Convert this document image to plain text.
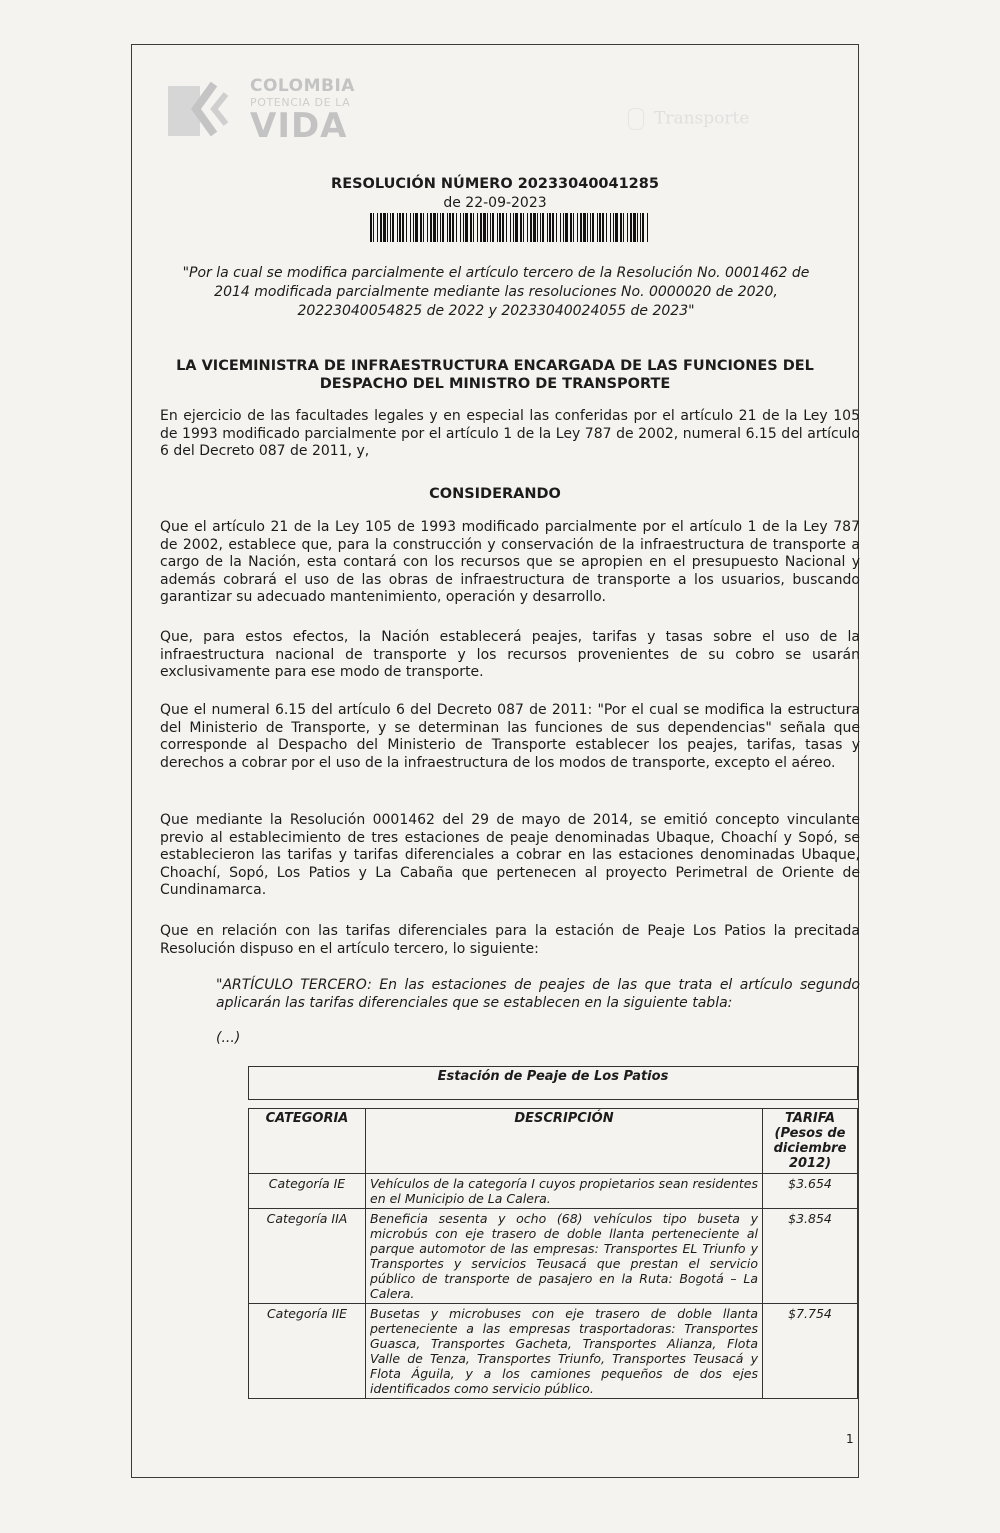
COLOMBIA
POTENCIA DE LA
VIDA	Transporte
RESOLUCIÓN NÚMERO 20233040041285
de 22-09-2023
"Por la cual se modifica parcialmente el artículo tercero de la Resolución No. 0001462 de 2014 modificada parcialmente mediante las resoluciones No. 0000020 de 2020, 20223040054825 de 2022 y 20233040024055 de 2023"
LA VICEMINISTRA DE INFRAESTRUCTURA ENCARGADA DE LAS FUNCIONES DEL DESPACHO DEL MINISTRO DE TRANSPORTE
En ejercicio de las facultades legales y en especial las conferidas por el artículo 21 de la Ley 105 de 1993 modificado parcialmente por el artículo 1 de la Ley 787 de 2002, numeral 6.15 del artículo 6 del Decreto 087 de 2011, y,
CONSIDERANDO
Que el artículo 21 de la Ley 105 de 1993 modificado parcialmente por el artículo 1 de la Ley 787 de 2002, establece que, para la construcción y conservación de la infraestructura de transporte a cargo de la Nación, esta contará con los recursos que se apropien en el presupuesto Nacional y además cobrará el uso de las obras de infraestructura de transporte a los usuarios, buscando garantizar su adecuado mantenimiento, operación y desarrollo.
Que, para estos efectos, la Nación establecerá peajes, tarifas y tasas sobre el uso de la infraestructura nacional de transporte y los recursos provenientes de su cobro se usarán exclusivamente para ese modo de transporte.
Que el numeral 6.15 del artículo 6 del Decreto 087 de 2011: "Por el cual se modifica la estructura del Ministerio de Transporte, y se determinan las funciones de sus dependencias" señala que corresponde al Despacho del Ministerio de Transporte establecer los peajes, tarifas, tasas y derechos a cobrar por el uso de la infraestructura de los modos de transporte, excepto el aéreo.
Que mediante la Resolución 0001462 del 29 de mayo de 2014, se emitió concepto vinculante previo al establecimiento de tres estaciones de peaje denominadas Ubaque, Choachí y Sopó, se establecieron las tarifas y tarifas diferenciales a cobrar en las estaciones denominadas Ubaque, Choachí, Sopó, Los Patios y La Cabaña que pertenecen al proyecto Perimetral de Oriente de Cundinamarca.
Que en relación con las tarifas diferenciales para la estación de Peaje Los Patios la precitada Resolución dispuso en el artículo tercero, lo siguiente:
"ARTÍCULO TERCERO: En las estaciones de peajes de las que trata el artículo segundo aplicarán las tarifas diferenciales que se establecen en la siguiente tabla:
(...)
Estación de Peaje de Los Patios		

CATEGORIA	DESCRIPCIÓN	TARIFA (Pesos de diciembre 2012)
Categoría IE	Vehículos de la categoría I cuyos propietarios sean residentes en el Municipio de La Calera.	$3.654
Categoría IIA	Beneficia sesenta y ocho (68) vehículos tipo buseta y microbús con eje trasero de doble llanta perteneciente al parque automotor de las empresas: Transportes EL Triunfo y Transportes y servicios Teusacá que prestan el servicio público de transporte de pasajero en la Ruta: Bogotá – La Calera.	$3.854
Categoría IIE	Busetas y microbuses con eje trasero de doble llanta perteneciente a las empresas trasportadoras: Transportes Guasca, Transportes Gacheta, Transportes Alianza, Flota Valle de Tenza, Transportes Triunfo, Transportes Teusacá y Flota Águila, y a los camiones pequeños de dos ejes identificados como servicio público.	$7.754
1
